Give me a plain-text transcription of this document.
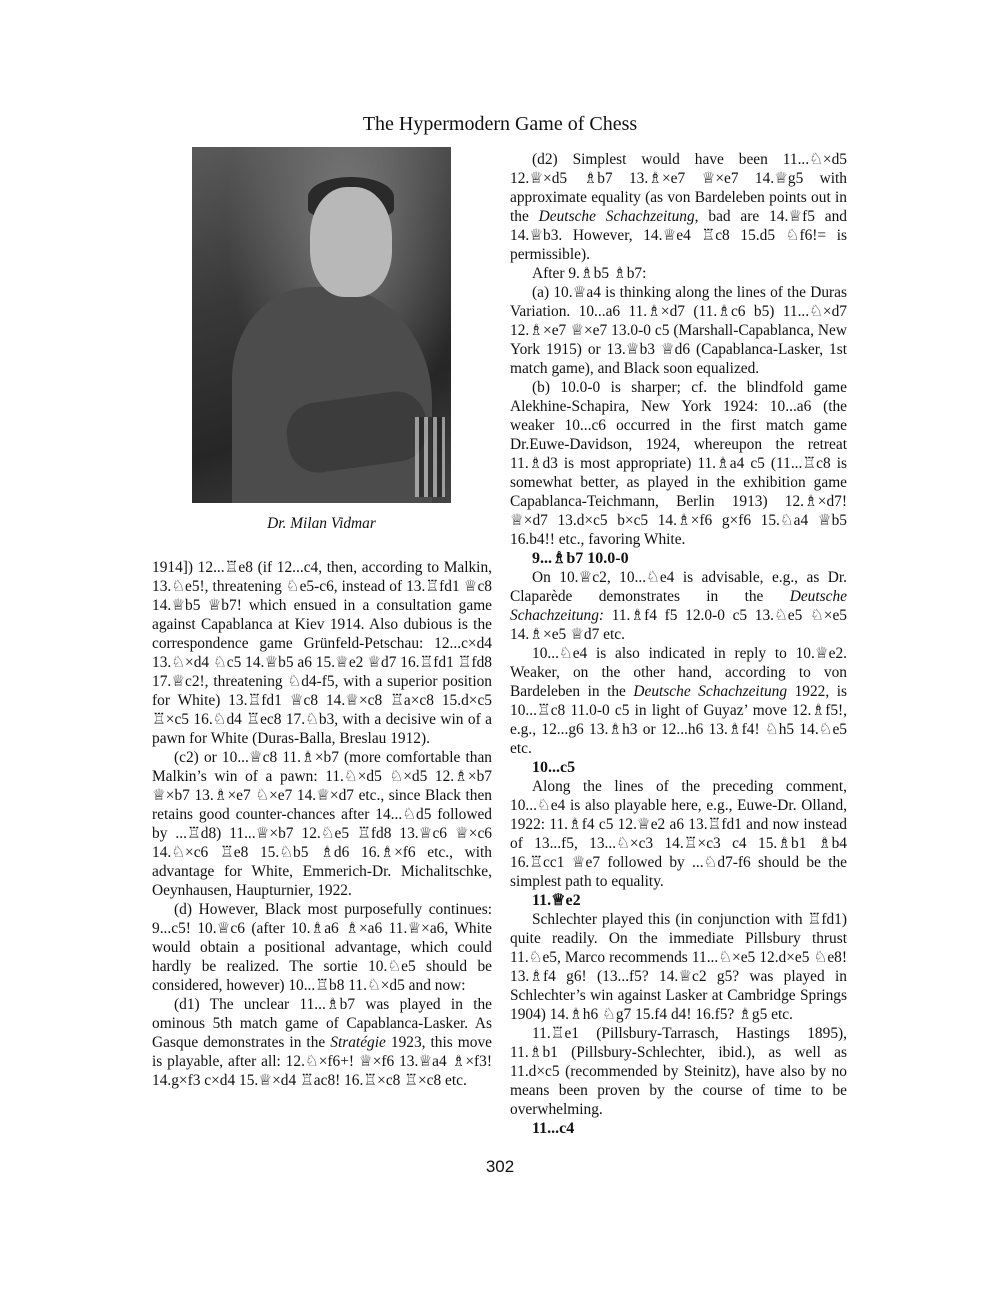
The Hypermodern Game of Chess
Dr. Milan Vidmar

1914]) 12...♖e8 (if 12...c4, then, according to Malkin, 13.♘e5!, threatening ♘e5-c6, instead of 13.♖fd1 ♕c8 14.♕b5 ♕b7! which ensued in a consultation game against Capablanca at Kiev 1914. Also dubious is the correspondence game Grünfeld-Petschau: 12...c×d4 13.♘×d4 ♘c5 14.♕b5 a6 15.♕e2 ♕d7 16.♖fd1 ♖fd8 17.♕c2!, threatening ♘d4-f5, with a superior position for White) 13.♖fd1 ♕c8 14.♕×c8 ♖a×c8 15.d×c5 ♖×c5 16.♘d4 ♖ec8 17.♘b3, with a decisive win of a pawn for White (Duras-Balla, Breslau 1912).

(c2) or 10...♕c8 11.♗×b7 (more comfortable than Malkin’s win of a pawn: 11.♘×d5 ♘×d5 12.♗×b7 ♕×b7 13.♗×e7 ♘×e7 14.♕×d7 etc., since Black then retains good counter-chances after 14...♘d5 followed by ...♖d8) 11...♕×b7 12.♘e5 ♖fd8 13.♕c6 ♕×c6 14.♘×c6 ♖e8 15.♘b5 ♗d6 16.♗×f6 etc., with advantage for White, Emmerich-Dr. Michalitschke, Oeynhausen, Haupturnier, 1922.

(d) However, Black most purposefully continues: 9...c5! 10.♕c6 (after 10.♗a6 ♗×a6 11.♕×a6, White would obtain a positional advantage, which could hardly be realized. The sortie 10.♘e5 should be considered, however) 10...♖b8 11.♘×d5 and now:

(d1) The unclear 11...♗b7 was played in the ominous 5th match game of Capablanca-Lasker. As Gasque demonstrates in the Stratégie 1923, this move is playable, after all: 12.♘×f6+! ♕×f6 13.♕a4 ♗×f3! 14.g×f3 c×d4 15.♕×d4 ♖ac8! 16.♖×c8 ♖×c8 etc.

(d2) Simplest would have been 11...♘×d5 12.♕×d5 ♗b7 13.♗×e7 ♕×e7 14.♕g5 with approximate equality (as von Bardeleben points out in the Deutsche Schachzeitung, bad are 14.♕f5 and 14.♕b3. However, 14.♕e4 ♖c8 15.d5 ♘f6!= is permissible).

After 9.♗b5 ♗b7:

(a) 10.♕a4 is thinking along the lines of the Duras Variation. 10...a6 11.♗×d7 (11.♗c6 b5) 11...♘×d7 12.♗×e7 ♕×e7 13.0-0 c5 (Marshall-Capablanca, New York 1915) or 13.♕b3 ♕d6 (Capablanca-Lasker, 1st match game), and Black soon equalized.

(b) 10.0-0 is sharper; cf. the blindfold game Alekhine-Schapira, New York 1924: 10...a6 (the weaker 10...c6 occurred in the first match game Dr.Euwe-Davidson, 1924, whereupon the retreat 11.♗d3 is most appropriate) 11.♗a4 c5 (11...♖c8 is somewhat better, as played in the exhibition game Capablanca-Teichmann, Berlin 1913) 12.♗×d7! ♕×d7 13.d×c5 b×c5 14.♗×f6 g×f6 15.♘a4 ♕b5 16.b4!! etc., favoring White.

9...♗b7 10.0-0

On 10.♕c2, 10...♘e4 is advisable, e.g., as Dr. Claparède demonstrates in the Deutsche Schachzeitung: 11.♗f4 f5 12.0-0 c5 13.♘e5 ♘×e5 14.♗×e5 ♕d7 etc.

10...♘e4 is also indicated in reply to 10.♕e2. Weaker, on the other hand, according to von Bardeleben in the Deutsche Schachzeitung 1922, is 10...♖c8 11.0-0 c5 in light of Guyaz’ move 12.♗f5!, e.g., 12...g6 13.♗h3 or 12...h6 13.♗f4! ♘h5 14.♘e5 etc.

10...c5

Along the lines of the preceding comment, 10...♘e4 is also playable here, e.g., Euwe-Dr. Olland, 1922: 11.♗f4 c5 12.♕e2 a6 13.♖fd1 and now instead of 13...f5, 13...♘×c3 14.♖×c3 c4 15.♗b1 ♗b4 16.♖cc1 ♕e7 followed by ...♘d7-f6 should be the simplest path to equality.

11.♕e2

Schlechter played this (in conjunction with ♖fd1) quite readily. On the immediate Pillsbury thrust 11.♘e5, Marco recommends 11...♘×e5 12.d×e5 ♘e8! 13.♗f4 g6! (13...f5? 14.♕c2 g5? was played in Schlechter’s win against Lasker at Cambridge Springs 1904) 14.♗h6 ♘g7 15.f4 d4! 16.f5? ♗g5 etc.

11.♖e1 (Pillsbury-Tarrasch, Hastings 1895), 11.♗b1 (Pillsbury-Schlechter, ibid.), as well as 11.d×c5 (recommended by Steinitz), have also by no means been proven by the course of time to be overwhelming.

11...c4

302
